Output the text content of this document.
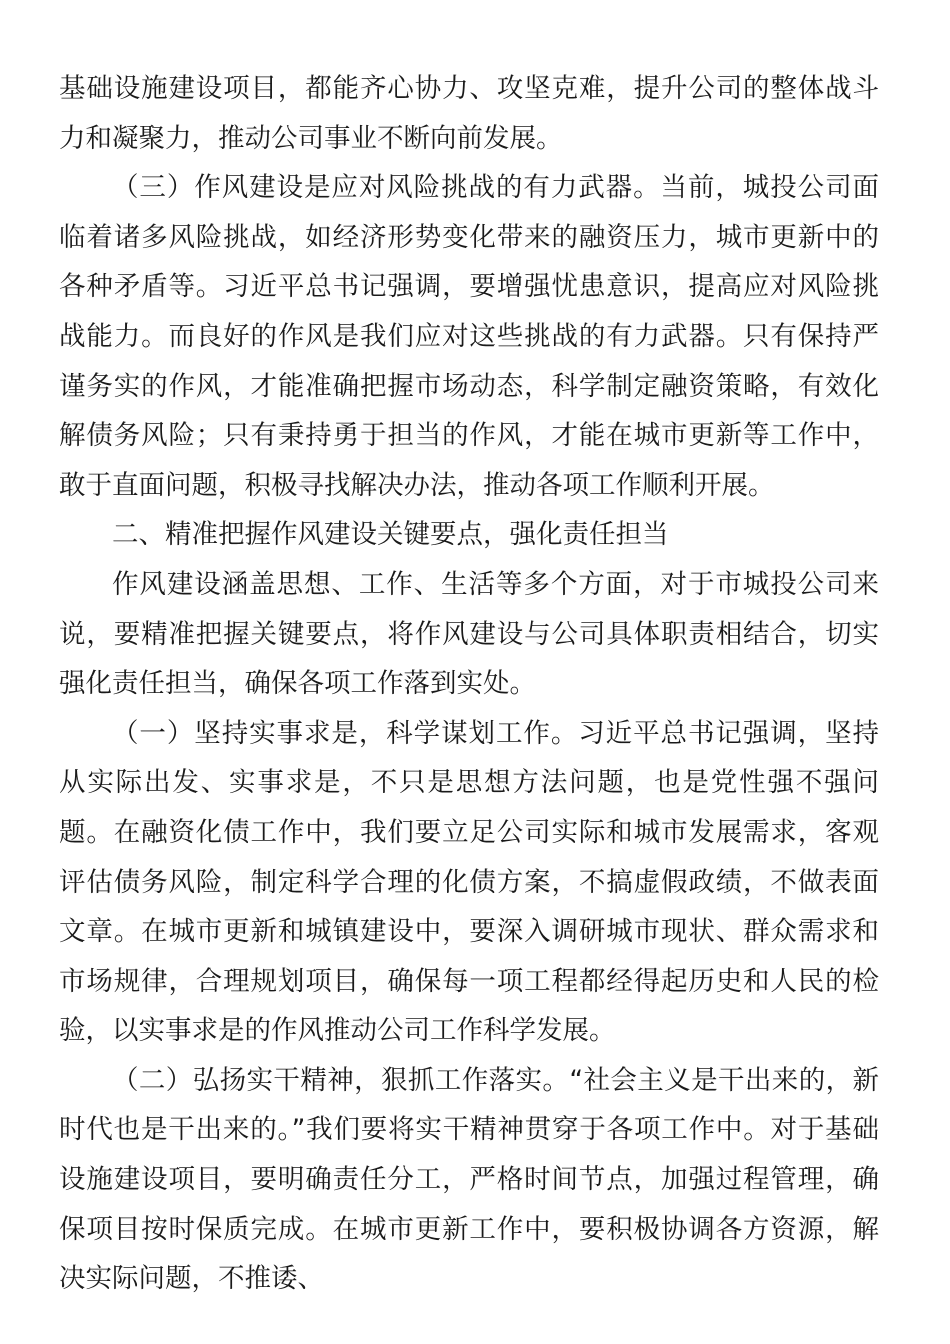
基础设施建设项目，都能齐心协力、攻坚克难，提升公司的整体战斗力和凝聚力，推动公司事业不断向前发展。

（三）作风建设是应对风险挑战的有力武器。当前，城投公司面临着诸多风险挑战，如经济形势变化带来的融资压力，城市更新中的各种矛盾等。习近平总书记强调，要增强忧患意识，提高应对风险挑战能力。而良好的作风是我们应对这些挑战的有力武器。只有保持严谨务实的作风，才能准确把握市场动态，科学制定融资策略，有效化解债务风险；只有秉持勇于担当的作风，才能在城市更新等工作中，敢于直面问题，积极寻找解决办法，推动各项工作顺利开展。

二、精准把握作风建设关键要点，强化责任担当

作风建设涵盖思想、工作、生活等多个方面，对于市城投公司来说，要精准把握关键要点，将作风建设与公司具体职责相结合，切实强化责任担当，确保各项工作落到实处。

（一）坚持实事求是，科学谋划工作。习近平总书记强调，坚持从实际出发、实事求是，不只是思想方法问题，也是党性强不强问题。在融资化债工作中，我们要立足公司实际和城市发展需求，客观评估债务风险，制定科学合理的化债方案，不搞虚假政绩，不做表面文章。在城市更新和城镇建设中，要深入调研城市现状、群众需求和市场规律，合理规划项目，确保每一项工程都经得起历史和人民的检验，以实事求是的作风推动公司工作科学发展。

（二）弘扬实干精神，狠抓工作落实。“社会主义是干出来的，新时代也是干出来的。”我们要将实干精神贯穿于各项工作中。对于基础设施建设项目，要明确责任分工，严格时间节点，加强过程管理，确保项目按时保质完成。在城市更新工作中，要积极协调各方资源，解决实际问题，不推诿、
